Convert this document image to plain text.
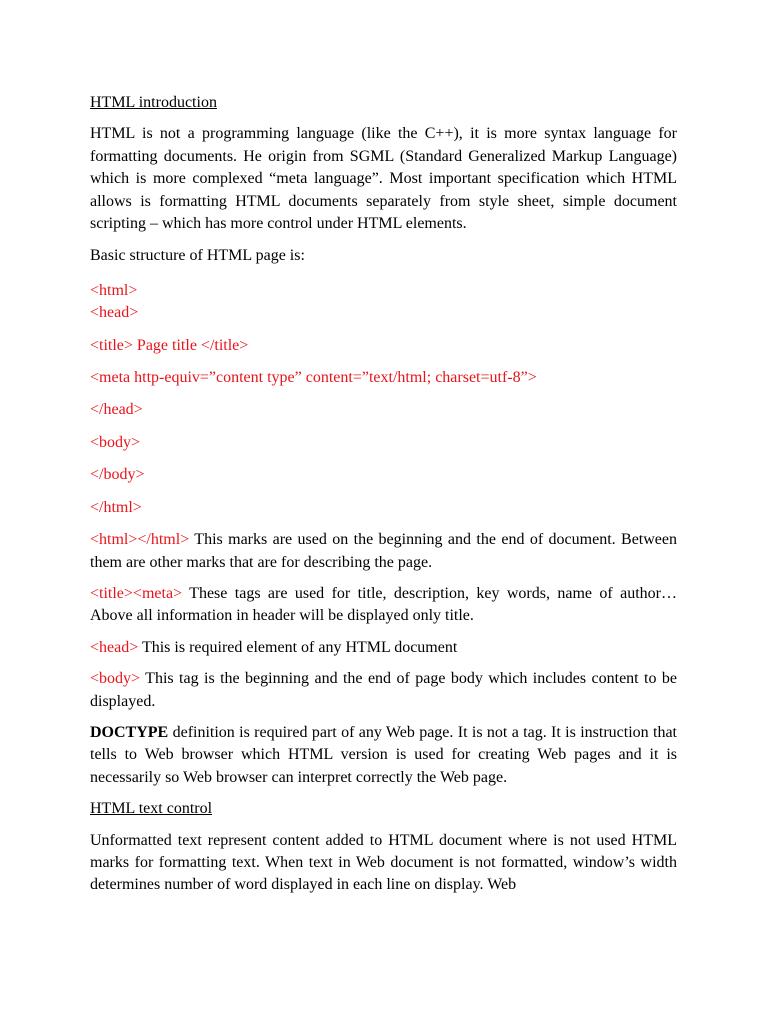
HTML introduction

HTML is not a programming language (like the C++), it is more syntax language for formatting documents. He origin from SGML (Standard Generalized Markup Language) which is more complexed “meta language”. Most important specification which HTML allows is formatting HTML documents separately from style sheet, simple document scripting – which has more control under HTML elements.

Basic structure of HTML page is:

<html>
<head>
<title> Page title </title>
<meta http-equiv=”content type” content=”text/html; charset=utf-8”>
</head>
<body>
</body>
</html>

<html></html> This marks are used on the beginning and the end of document. Between them are other marks that are for describing the page.

<title><meta> These tags are used for title, description, key words, name of author… Above all information in header will be displayed only title.

<head> This is required element of any HTML document

<body> This tag is the beginning and the end of page body which includes content to be displayed.

DOCTYPE definition is required part of any Web page. It is not a tag. It is instruction that tells to Web browser which HTML version is used for creating Web pages and it is necessarily so Web browser can interpret correctly the Web page.

HTML text control

Unformatted text represent content added to HTML document where is not used HTML marks for formatting text. When text in Web document is not formatted, window’s width determines number of word displayed in each line on display. Web
